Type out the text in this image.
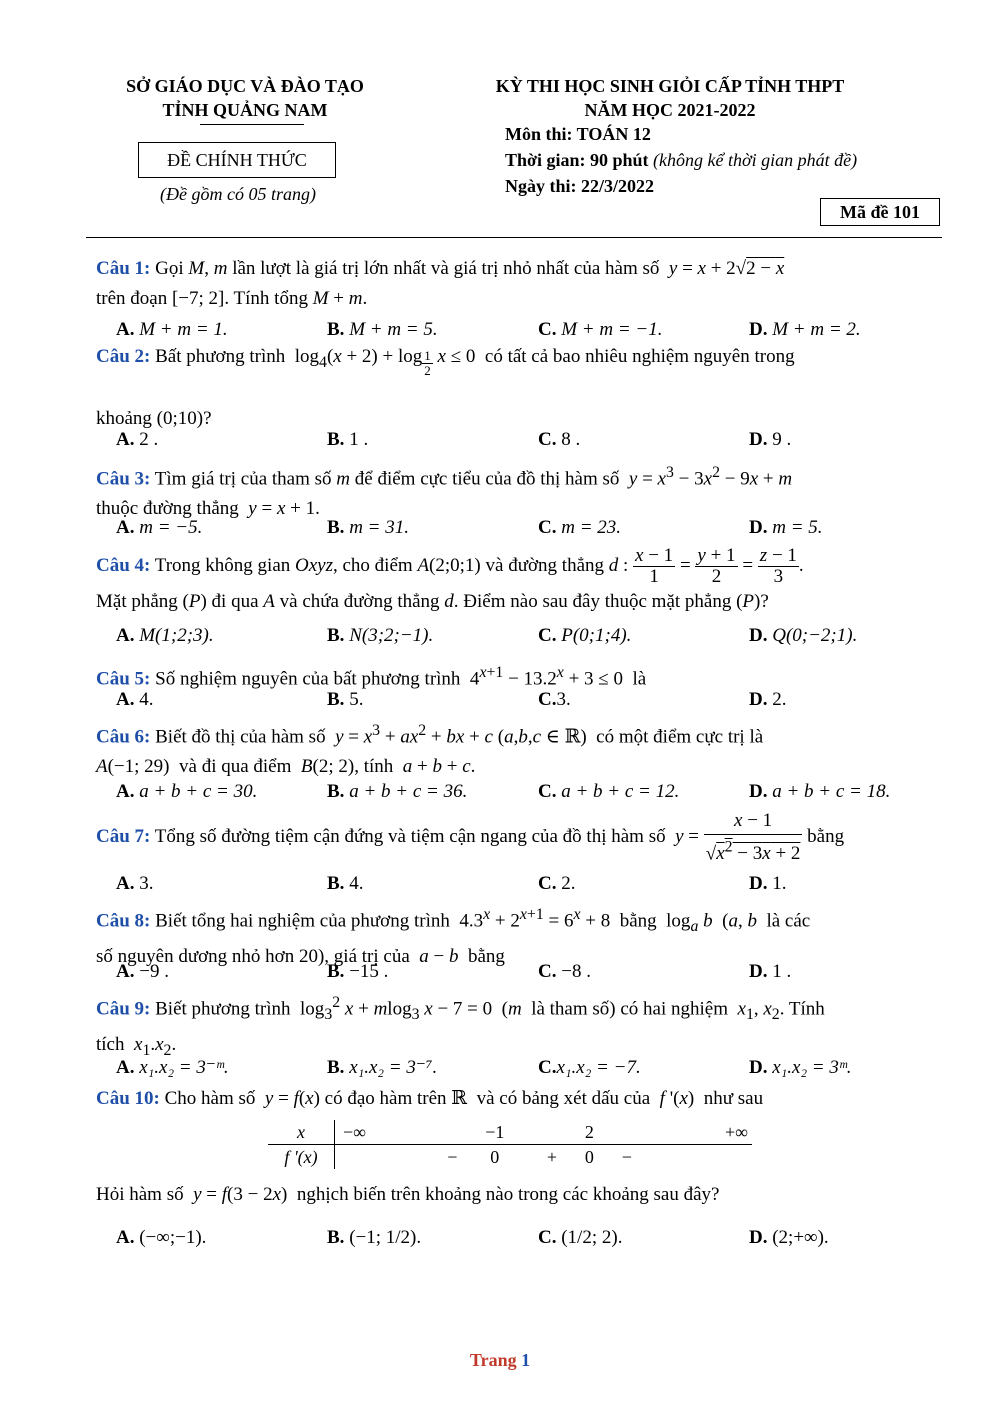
SỞ GIÁO DỤC VÀ ĐÀO TẠO
TỈNH QUẢNG NAM
ĐỀ CHÍNH THỨC
(Đề gồm có 05 trang)
KỲ THI HỌC SINH GIỎI CẤP TỈNH THPT
NĂM HỌC 2021-2022
Môn thi: TOÁN 12
Thời gian: 90 phút (không kể thời gian phát đề)
Ngày thi: 22/3/2022
Mã đề 101
Câu 1: Gọi M, m lần lượt là giá trị lớn nhất và giá trị nhỏ nhất của hàm số  y = x + 2√2 − x
trên đoạn [−7; 2]. Tính tổng M + m.
A. M + m = 1.	B. M + m = 5.	C. M + m = −1.	D. M + m = 2.
Câu 2: Bất phương trình  $\log_4(x + 2) + \log _{\frac{1}{2}}$ x ≤ 0  có tất cả bao nhiêu nghiệm nguyên trong
khoảng (0;10)?
A. 2 .	B. 1 .	C. 8 .	D. 9 .
Câu 3: Tìm giá trị của tham số m để điểm cực tiểu của đồ thị hàm số  $y = x^3 - 3x^2 - 9x + m$
thuộc đường thẳng  y = x + 1.
A. m = −5.	B. m = 31.	C. m = 23.	D. m = 5.
Câu 4: Trong không gian Oxyz, cho điểm A(2;0;1) và đường thẳng d : $\frac{x - 1}{1} = \frac{y + 1}{2} = \frac{z - 1}{3}$ .
Mặt phẳng (P) đi qua A và chứa đường thẳng d. Điểm nào sau đây thuộc mặt phẳng (P)?
A. M(1;2;3).	B. N(3;2;−1).	C. P(0;1;4).	D. Q(0;−2;1).
Câu 5: Số nghiệm nguyên của bất phương trình  $4^{x+1} - 13.2^x + 3 \le 0$  là
A. 4.	B. 5.	C.3.	D. 2.
Câu 6: Biết đồ thị của hàm số  $y = x^3 + ax^2$ + bx + c (a,b,c ∈ ℝ)  có một điểm cực trị là
A(−1; 29)  và đi qua điểm  B(2; 2), tính  a + b + c.
A. a + b + c = 30.	B. a + b + c = 36.	C. a + b + c = 12.	D. a + b + c = 18.
Câu 7: Tổng số đường tiệm cận đứng và tiệm cận ngang của đồ thị hàm số  $y = \frac{x - 1}{√x^2 - 3x + 2}$ bằng
A. 3.	B. 4.	C. 2.	D. 1.
Câu 8: Biết tổng hai nghiệm của phương trình  $4.3^x + 2^{x+1} = 6^x + 8$  bằng  $\log_a b$  (a, b  là các
số nguyên dương nhỏ hơn 20), giá trị của  a − b  bằng
A. −9 .	B. −15 .	C. −8 .	D. 1 .
Câu 9: Biết phương trình  $\log_3^2 x + mlog_3$ x − 7 = 0  (m  là tham số) có hai nghiệm  $x_1$, $x_2$. Tính
tích  $x_1.x_2$.
A. x₁.x₂ = 3⁻ᵐ.	B. x₁.x₂ = 3⁻⁷.	C.x₁.x₂ = −7.	D. x₁.x₂ = 3ᵐ.
Câu 10: Cho hàm số  y = f(x) có đạo hàm trên ℝ  và có bảng xét dấu của  f '(x)  như sau
x	−∞	−1		2		+∞
f '(x)	−	0	+	0	−	
Hỏi hàm số  y = f(3 − 2x)  nghịch biến trên khoảng nào trong các khoảng sau đây?
A. (−∞;−1).	B. (−1; 1/2).	C. (1/2; 2).	D. (2;+∞).
Trang 1
